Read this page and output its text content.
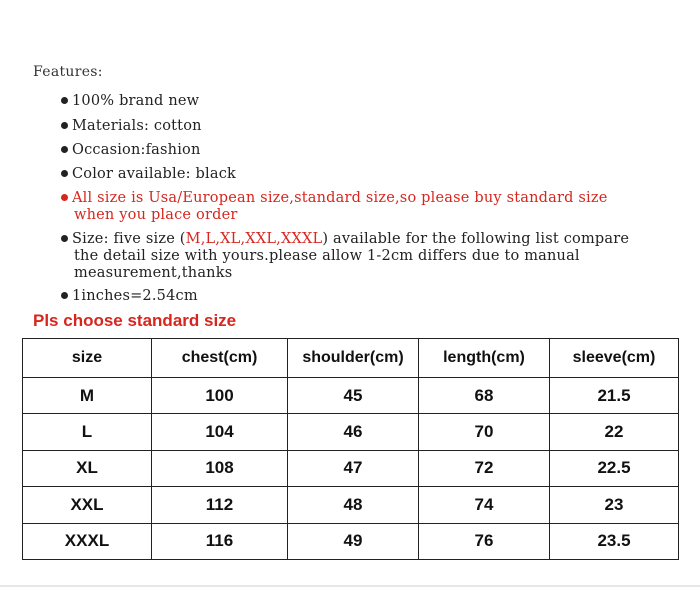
Features:
100% brand new
Materials: cotton
Occasion:fashion
Color available: black
All size is Usa/European size,standard size,so please buy standard size
when you place order
Size: five size (M,L,XL,XXL,XXXL) available for the following list compare
the detail size with yours.please allow 1-2cm differs due to manual
measurement,thanks
1inches=2.54cm
Pls choose standard size
size	chest(cm)	shoulder(cm)	length(cm)	sleeve(cm)
M	100	45	68	21.5
L	104	46	70	22
XL	108	47	72	22.5
XXL	112	48	74	23
XXXL	116	49	76	23.5
